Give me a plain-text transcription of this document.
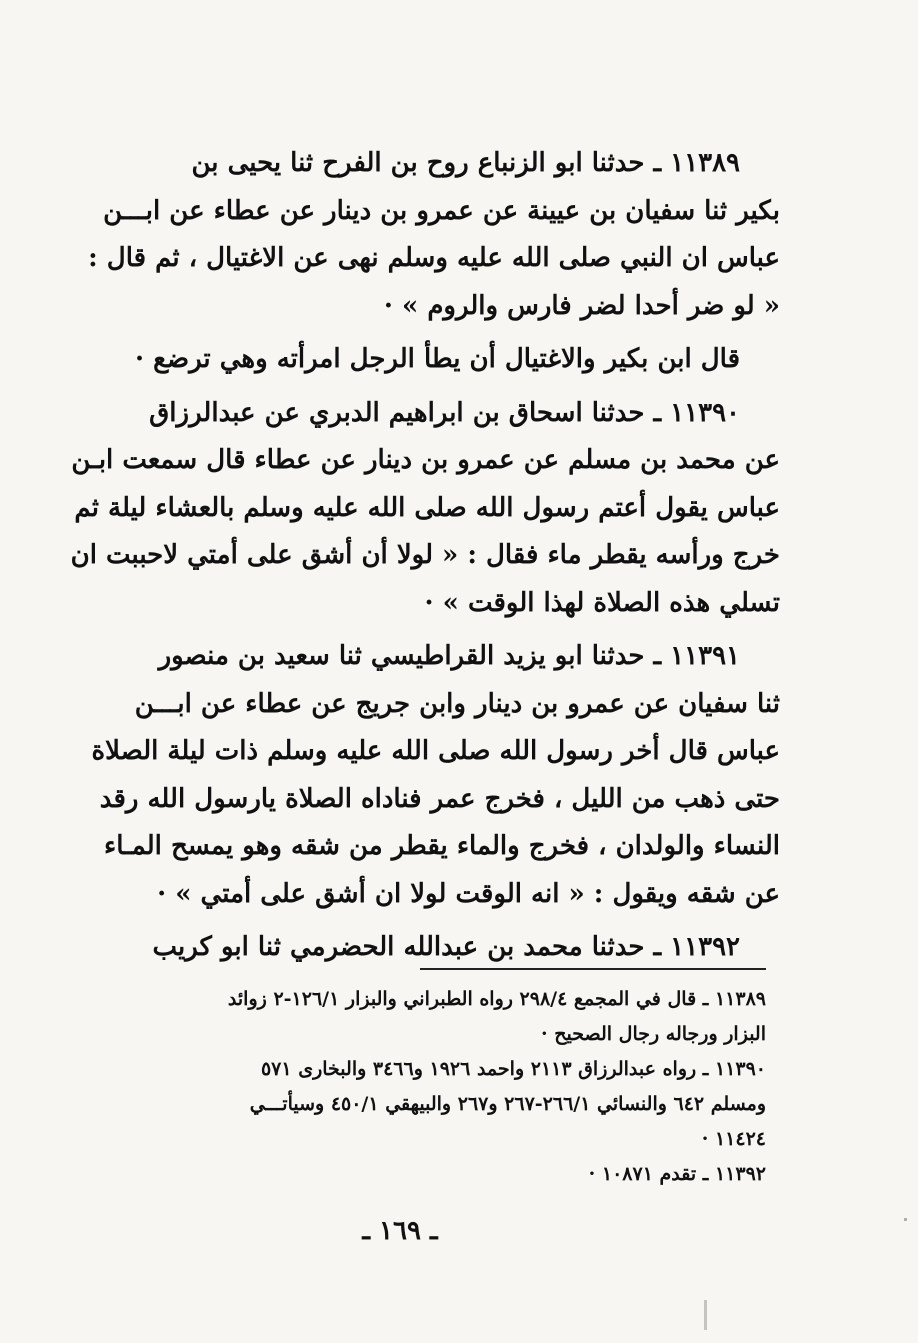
١١٣٨٩ ـ حدثنا ابو الزنباع روح بن الفرح ثنا يحيى بن
بكير ثنا سفيان بن عيينة عن عمرو بن دينار عن عطاء عن ابـــن
عباس ان النبي صلى الله عليه وسلم نهى عن الاغتيال ، ثم قال :
« لو ضر أحدا لضر فارس والروم » ·
قال ابن بكير والاغتيال أن يطأ الرجل امرأته وهي ترضع ·
١١٣٩٠ ـ حدثنا اسحاق بن ابراهيم الدبري عن عبدالرزاق
عن محمد بن مسلم عن عمرو بن دينار عن عطاء قال سمعت ابـن
عباس يقول أعتم رسول الله صلى الله عليه وسلم بالعشاء ليلة ثم
خرج ورأسه يقطر ماء فقال : « لولا أن أشق على أمتي لاحببت ان
تسلي هذه الصلاة لهذا الوقت » ·
١١٣٩١ ـ حدثنا ابو يزيد القراطيسي ثنا سعيد بن منصور
ثنا سفيان عن عمرو بن دينار وابن جريج عن عطاء عن ابـــن
عباس قال أخر رسول الله صلى الله عليه وسلم ذات ليلة الصلاة
حتى ذهب من الليل ، فخرج عمر فناداه الصلاة يارسول الله رقد
النساء والولدان ، فخرج والماء يقطر من شقه وهو يمسح المـاء
عن شقه ويقول : « انه الوقت لولا ان أشق على أمتي » ·
١١٣٩٢ ـ حدثنا محمد بن عبدالله الحضرمي ثنا ابو كريب
١١٣٨٩ ـ قال في المجمع ٢٩٨/٤ رواه الطبراني والبزار ١٢٦/١-٢ زوائد
البزار ورجاله رجال الصحيح ·
١١٣٩٠ ـ رواه عبدالرزاق ٢١١٣ واحمد ١٩٢٦ و٣٤٦٦ والبخارى ٥٧١
ومسلم ٦٤٢ والنسائي ٢٦٦/١-٢٦٧ و٢٦٧ والبيهقي ٤٥٠/١ وسيأتـــي
١١٤٢٤ ·
١١٣٩٢ ـ تقدم ١٠٨٧١ ·
ـ ١٦٩ ـ
